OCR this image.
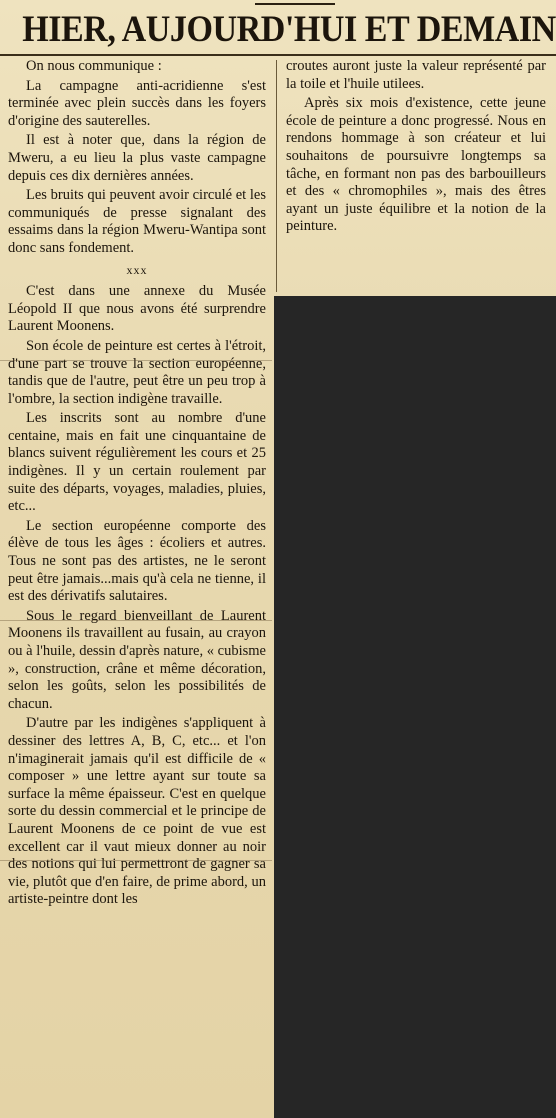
HIER, AUJOURD'HUI ET DEMAIN

On nous communique :

La campagne anti-acridienne s'est terminée avec plein succès dans les foyers d'origine des sauterelles.

Il est à noter que, dans la région de Mweru, a eu lieu la plus vaste campagne depuis ces dix dernières années.

Les bruits qui peuvent avoir circulé et les communiqués de presse signalant des essaims dans la région Mweru-Wantipa sont donc sans fondement.

xxx

C'est dans une annexe du Musée Léopold II que nous avons été surprendre Laurent Moonens.

Son école de peinture est certes à l'étroit, d'une part se trouve la section européenne, tandis que de l'autre, peut être un peu trop à l'ombre, la section indigène travaille.

Les inscrits sont au nombre d'une centaine, mais en fait une cinquantaine de blancs suivent régulièrement les cours et 25 indigènes. Il y un certain roulement par suite des départs, voyages, maladies, pluies, etc...

Le section européenne comporte des élève de tous les âges : écoliers et autres. Tous ne sont pas des artistes, ne le seront peut être jamais...mais qu'à cela ne tienne, il est des dérivatifs salutaires.

Sous le regard bienveillant de Laurent Moonens ils travaillent au fusain, au crayon ou à l'huile, dessin d'après nature, « cubisme », construction, crâne et même décoration, selon les goûts, selon les possibilités de chacun.

D'autre par les indigènes s'appliquent à dessiner des lettres A, B, C, etc... et l'on n'imaginerait jamais qu'il est difficile de « composer » une lettre ayant sur toute sa surface la même épaisseur. C'est en quelque sorte du dessin commercial et le principe de Laurent Moonens de ce point de vue est excellent car il vaut mieux donner au noir des notions qui lui permettront de gagner sa vie, plutôt que d'en faire, de prime abord, un artiste-peintre dont les

croutes auront juste la valeur représenté par la toile et l'huile utilees.

Après six mois d'existence, cette jeune école de peinture a donc progressé. Nous en rendons hommage à son créateur et lui souhaitons de poursuivre longtemps sa tâche, en formant non pas des barbouilleurs et des « chromophiles », mais des êtres ayant un juste équilibre et la notion de la peinture.
